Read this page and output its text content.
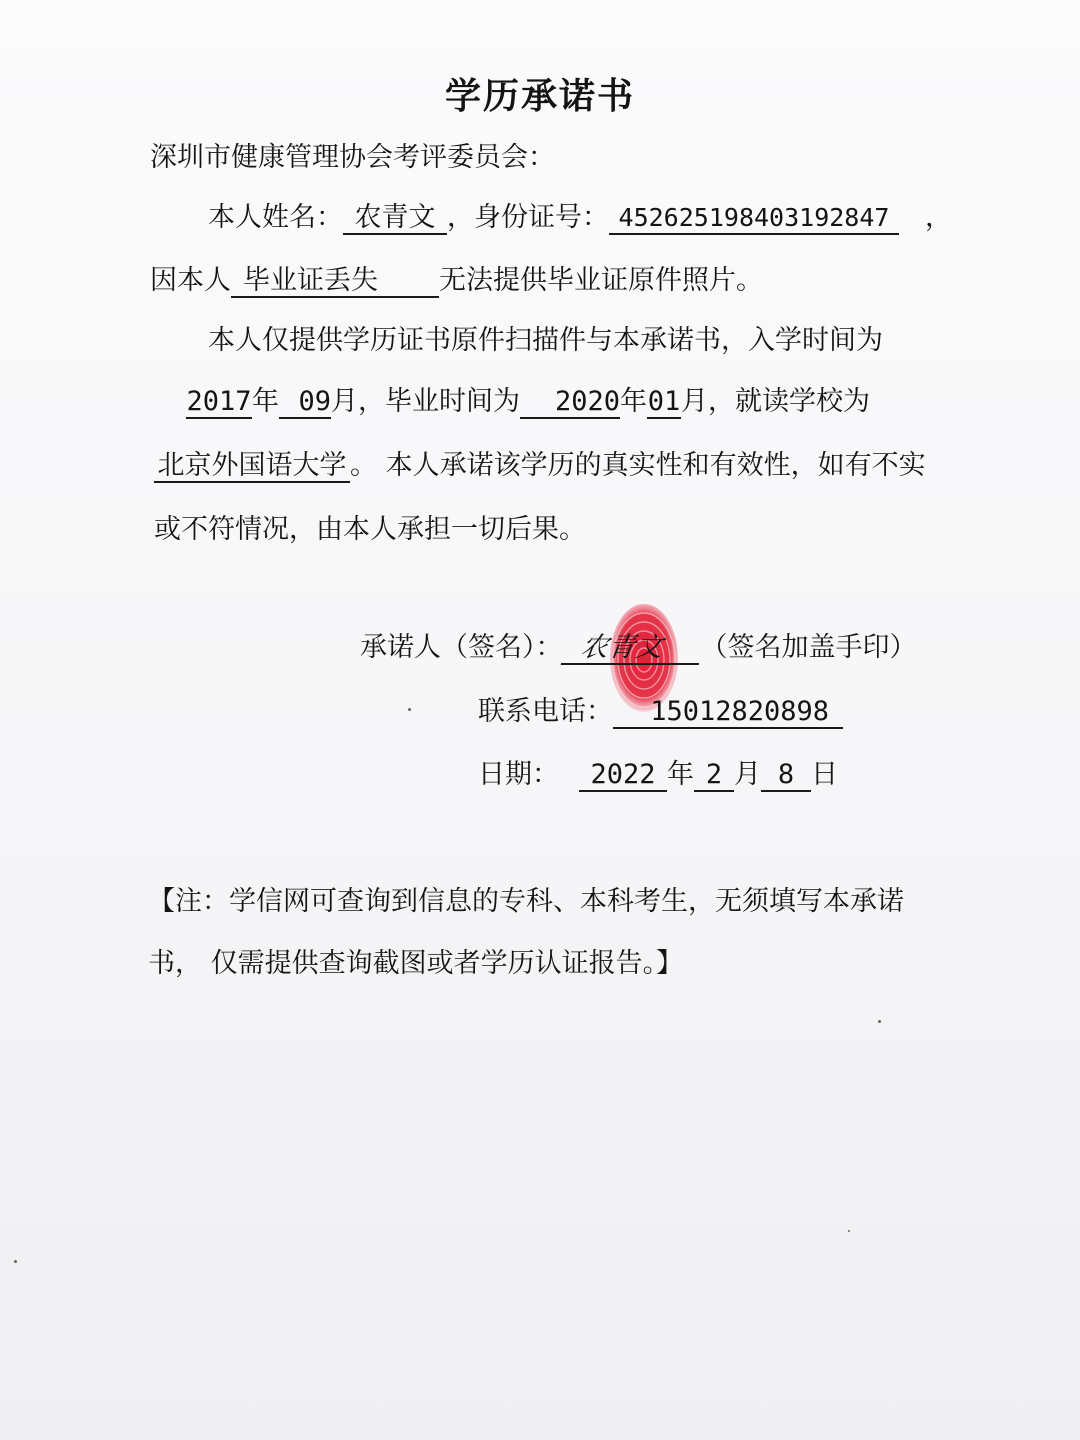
学历承诺书
深圳市健康管理协会考评委员会：
本人姓名： 农青文 ，身份证号： 452625198403192847 ，
因本人 毕业证丢失 无法提供毕业证原件照片。
本人仅提供学历证书原件扫描件与本承诺书，入学时间为
2017年 09月，毕业时间为 2020年01月，就读学校为
北京外国语大学 。 本人承诺该学历的真实性和有效性，如有不实
或不符情况，由本人承担一切后果。
承诺人（签名）： 农青文 （签名加盖手印）
联系电话： 15012820898
日期： 2022 年 2 月 8 日
【注：学信网可查询到信息的专科、本科考生，无须填写本承诺
书， 仅需提供查询截图或者学历认证报告。】
